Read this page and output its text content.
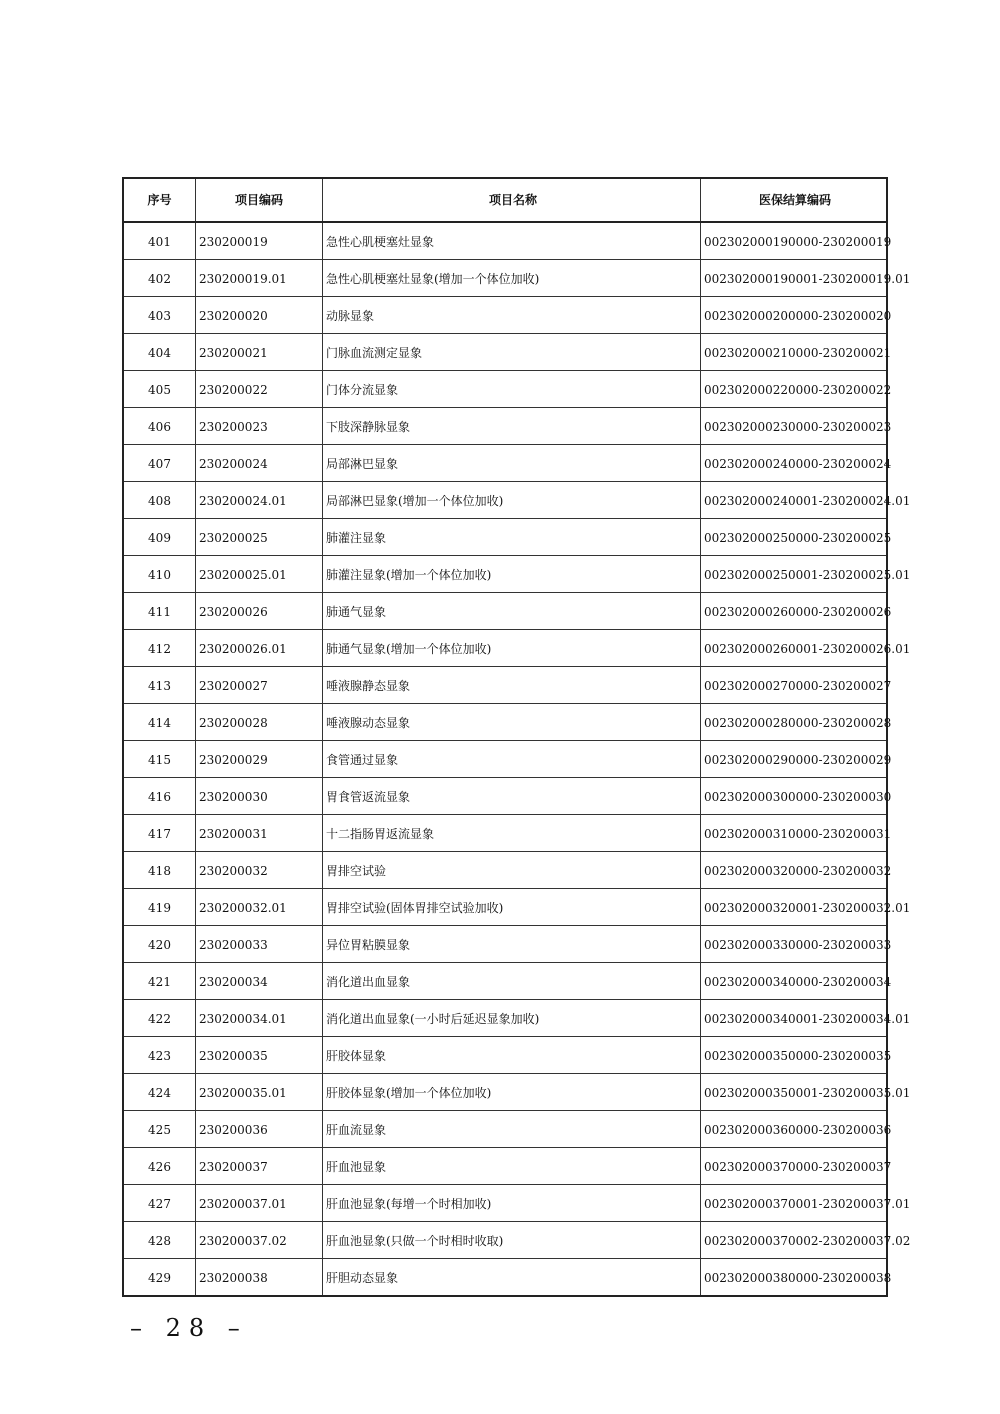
序号	项目编码	项目名称	医保结算编码
401	230200019	急性心肌梗塞灶显象	002302000190000-230200019
402	230200019.01	急性心肌梗塞灶显象(增加一个体位加收)	002302000190001-230200019.01
403	230200020	动脉显象	002302000200000-230200020
404	230200021	门脉血流测定显象	002302000210000-230200021
405	230200022	门体分流显象	002302000220000-230200022
406	230200023	下肢深静脉显象	002302000230000-230200023
407	230200024	局部淋巴显象	002302000240000-230200024
408	230200024.01	局部淋巴显象(增加一个体位加收)	002302000240001-230200024.01
409	230200025	肺灌注显象	002302000250000-230200025
410	230200025.01	肺灌注显象(增加一个体位加收)	002302000250001-230200025.01
411	230200026	肺通气显象	002302000260000-230200026
412	230200026.01	肺通气显象(增加一个体位加收)	002302000260001-230200026.01
413	230200027	唾液腺静态显象	002302000270000-230200027
414	230200028	唾液腺动态显象	002302000280000-230200028
415	230200029	食管通过显象	002302000290000-230200029
416	230200030	胃食管返流显象	002302000300000-230200030
417	230200031	十二指肠胃返流显象	002302000310000-230200031
418	230200032	胃排空试验	002302000320000-230200032
419	230200032.01	胃排空试验(固体胃排空试验加收)	002302000320001-230200032.01
420	230200033	异位胃粘膜显象	002302000330000-230200033
421	230200034	消化道出血显象	002302000340000-230200034
422	230200034.01	消化道出血显象(一小时后延迟显象加收)	002302000340001-230200034.01
423	230200035	肝胶体显象	002302000350000-230200035
424	230200035.01	肝胶体显象(增加一个体位加收)	002302000350001-230200035.01
425	230200036	肝血流显象	002302000360000-230200036
426	230200037	肝血池显象	002302000370000-230200037
427	230200037.01	肝血池显象(每增一个时相加收)	002302000370001-230200037.01
428	230200037.02	肝血池显象(只做一个时相时收取)	002302000370002-230200037.02
429	230200038	肝胆动态显象	002302000380000-230200038
– 28 –
